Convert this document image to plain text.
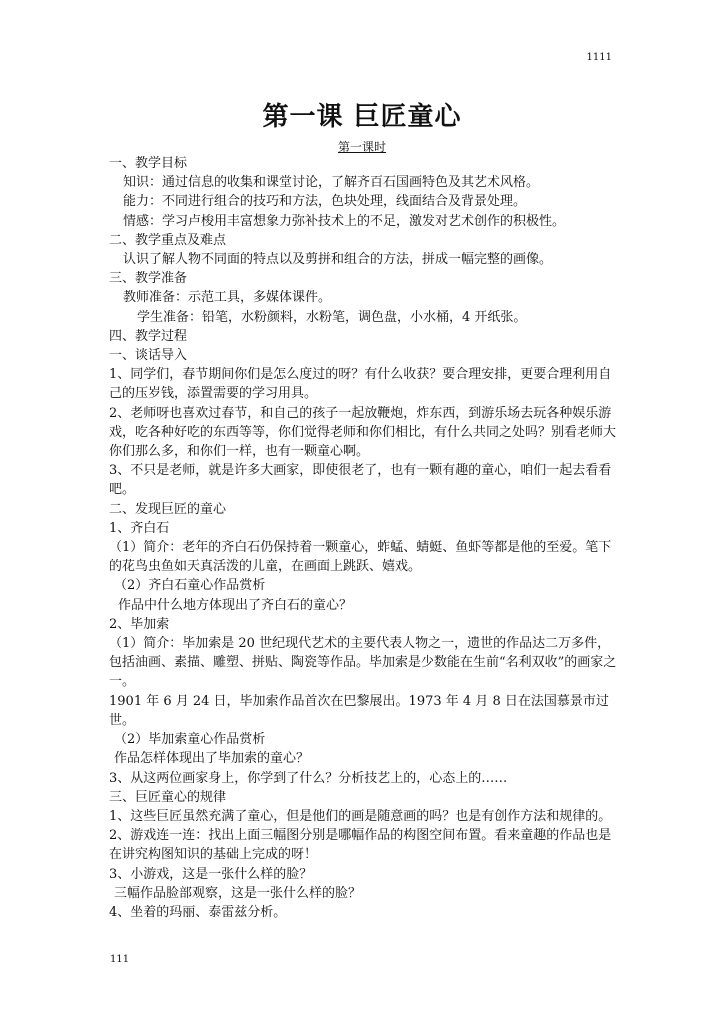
1111
第一课 巨匠童心
第一课时

一、教学目标

知识：通过信息的收集和课堂讨论，了解齐百石国画特色及其艺术风格。

能力：不同进行组合的技巧和方法，色块处理，线面结合及背景处理。

情感：学习卢梭用丰富想象力弥补技术上的不足，激发对艺术创作的积极性。

二、教学重点及难点

认识了解人物不同面的特点以及剪拼和组合的方法，拼成一幅完整的画像。

三、教学准备

教师准备：示范工具，多媒体课件。

学生准备：铅笔，水粉颜料，水粉笔，调色盘，小水桶，4 开纸张。

四、教学过程

一、谈话导入

1、同学们，春节期间你们是怎么度过的呀？有什么收获？要合理安排，更要合理利用自己的压岁钱，添置需要的学习用具。

2、老师呀也喜欢过春节，和自己的孩子一起放鞭炮，炸东西，到游乐场去玩各种娱乐游戏，吃各种好吃的东西等等，你们觉得老师和你们相比，有什么共同之处吗？别看老师大你们那么多，和你们一样，也有一颗童心啊。

3、不只是老师，就是许多大画家，即使很老了，也有一颗有趣的童心，咱们一起去看看吧。

二、发现巨匠的童心

1、齐白石

（1）简介：老年的齐白石仍保持着一颗童心，蚱蜢、蜻蜓、鱼虾等都是他的至爱。笔下的花鸟虫鱼如天真活泼的儿童，在画面上跳跃、嬉戏。

（2）齐白石童心作品赏析

作品中什么地方体现出了齐白石的童心？

2、毕加索

（1）简介：毕加索是 20 世纪现代艺术的主要代表人物之一，遗世的作品达二万多件，包括油画、素描、雕塑、拼贴、陶瓷等作品。毕加索是少数能在生前“名利双收”的画家之一。

1901 年 6 月 24 日，毕加索作品首次在巴黎展出。1973 年 4 月 8 日在法国慕景市过世。

（2）毕加索童心作品赏析

作品怎样体现出了毕加索的童心？

3、从这两位画家身上，你学到了什么？分析技艺上的，心态上的……

三、巨匠童心的规律

1、这些巨匠虽然充满了童心，但是他们的画是随意画的吗？也是有创作方法和规律的。

2、游戏连一连：找出上面三幅图分别是哪幅作品的构图空间布置。看来童趣的作品也是在讲究构图知识的基础上完成的呀！

3、小游戏，这是一张什么样的脸？

三幅作品脸部观察，这是一张什么样的脸？

4、坐着的玛丽、泰雷兹分析。

111
